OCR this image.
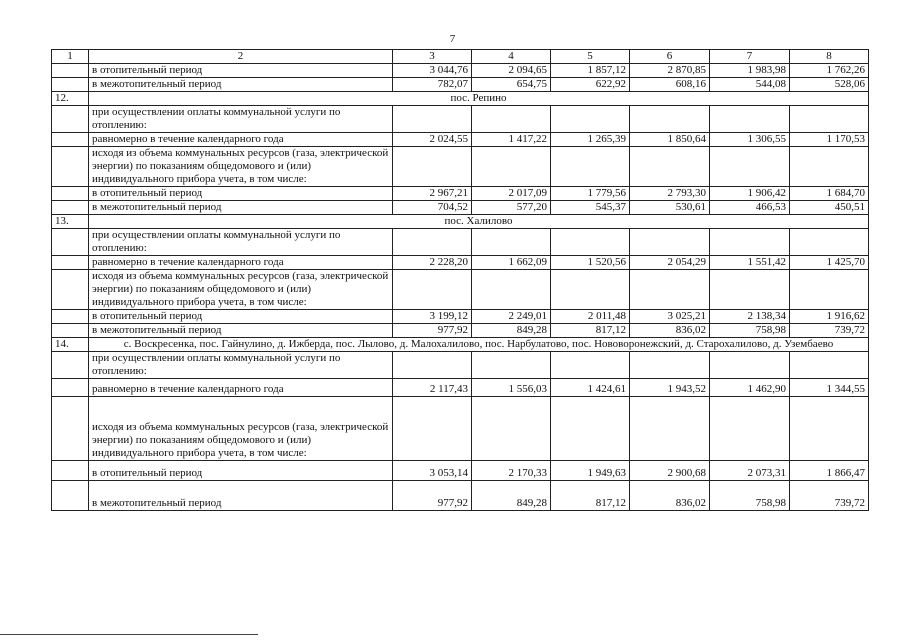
7
1	2	3	4	5	6	7	8
	в отопительный период	3 044,76	2 094,65	1 857,12	2 870,85	1 983,98	1 762,26
	в межотопительный период	782,07	654,75	622,92	608,16	544,08	528,06
12.	пос. Репино						
	при осуществлении оплаты коммунальной услуги по отоплению:						
	равномерно в течение календарного года	2 024,55	1 417,22	1 265,39	1 850,64	1 306,55	1 170,53
	исходя из объема коммунальных ресурсов (газа, электрической энергии) по показаниям общедомового и (или) индивидуального прибора учета, в том числе:						
	в отопительный период	2 967,21	2 017,09	1 779,56	2 793,30	1 906,42	1 684,70
	в межотопительный период	704,52	577,20	545,37	530,61	466,53	450,51
13.	пос. Халилово						
	при осуществлении оплаты коммунальной услуги по отоплению:						
	равномерно в течение календарного года	2 228,20	1 662,09	1 520,56	2 054,29	1 551,42	1 425,70
	исходя из объема коммунальных ресурсов (газа, электрической энергии) по показаниям общедомового и (или) индивидуального прибора учета, в том числе:						
	в отопительный период	3 199,12	2 249,01	2 011,48	3 025,21	2 138,34	1 916,62
	в межотопительный период	977,92	849,28	817,12	836,02	758,98	739,72
14.	с. Воскресенка, пос. Гайнулино, д. Ижберда, пос. Лылово, д. Малохалилово, пос. Нарбулатово, пос. Нововоронежский, д. Старохалилово, д. Узембаево						
	при осуществлении оплаты коммунальной услуги по отоплению:						
	равномерно в течение календарного года	2 117,43	1 556,03	1 424,61	1 943,52	1 462,90	1 344,55
	исходя из объема коммунальных ресурсов (газа, электрической энергии) по показаниям общедомового и (или) индивидуального прибора учета, в том числе:						
	в отопительный период	3 053,14	2 170,33	1 949,63	2 900,68	2 073,31	1 866,47
	в межотопительный период	977,92	849,28	817,12	836,02	758,98	739,72
